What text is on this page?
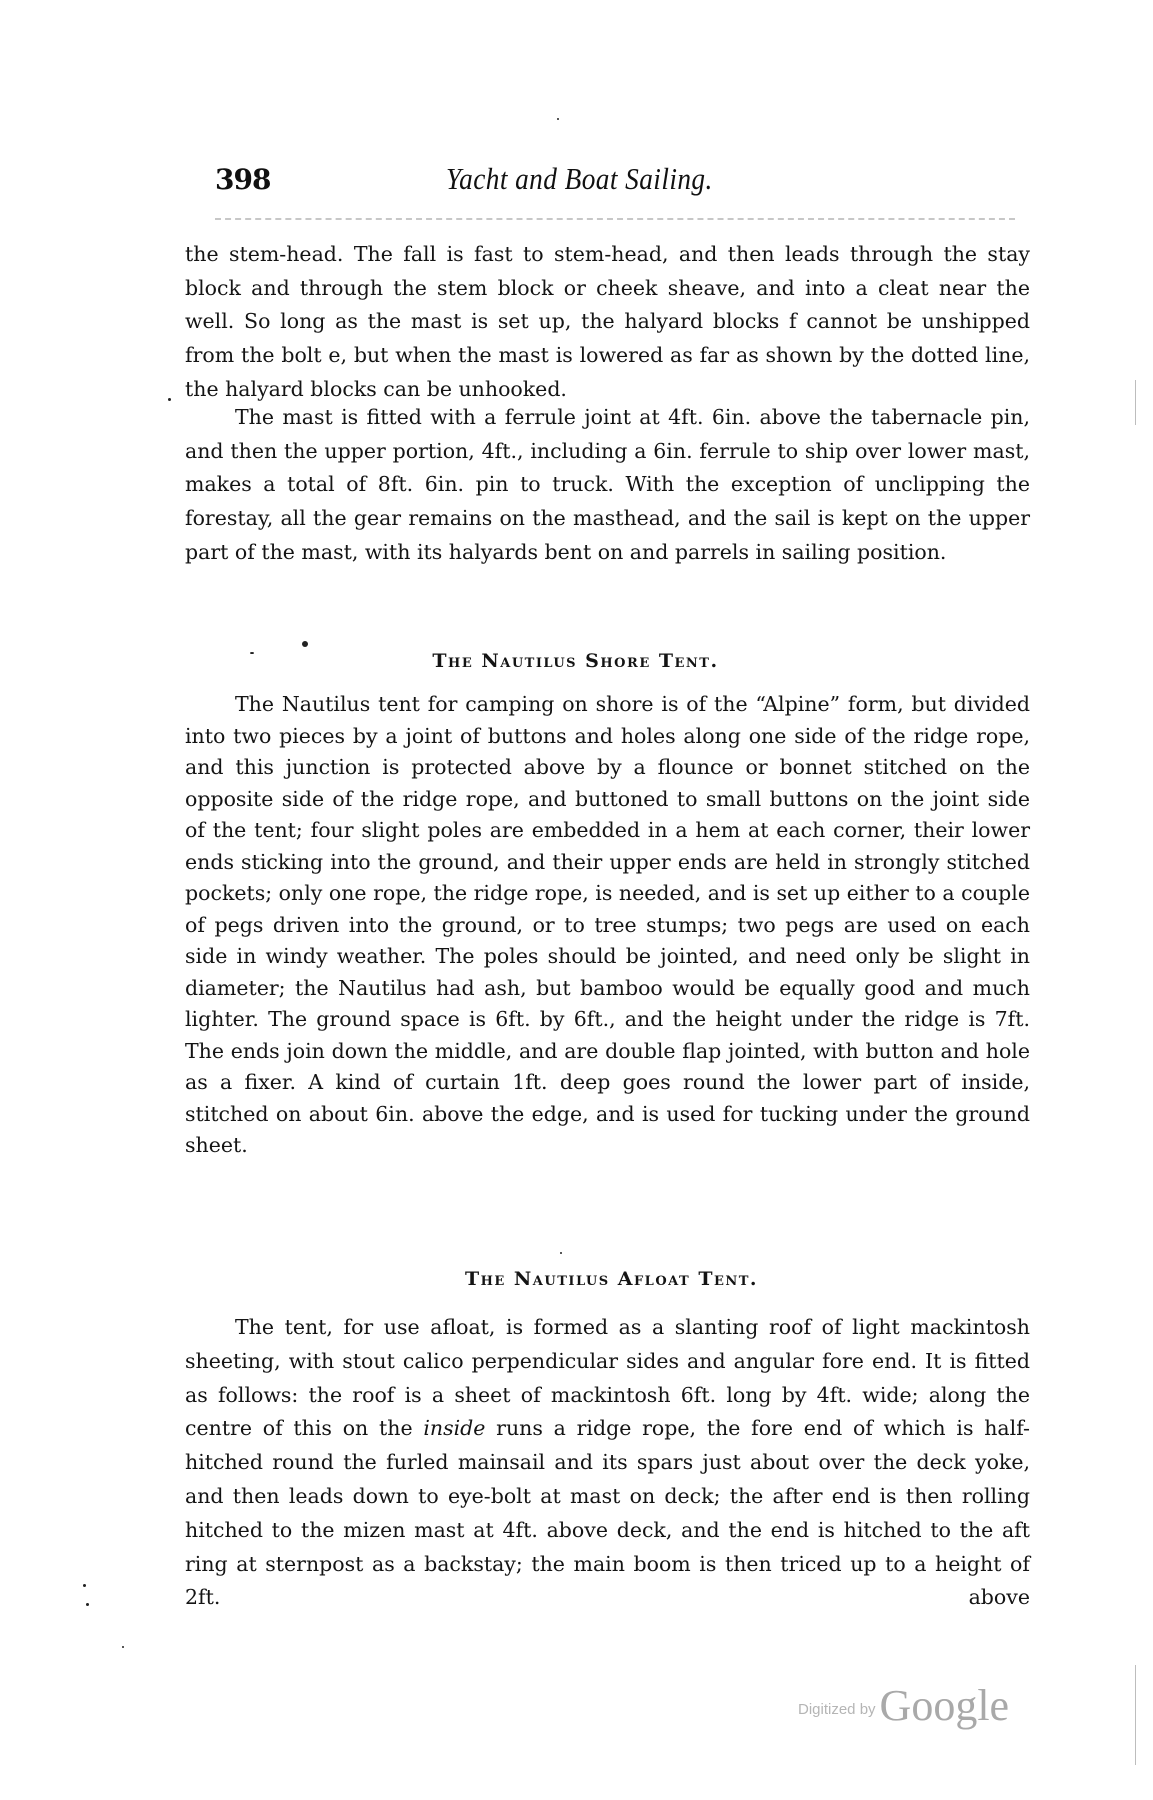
398	Yacht and Boat Sailing.

the stem-head. The fall is fast to stem-head, and then leads through the stay block and through the stem block or cheek sheave, and into a cleat near the well. So long as the mast is set up, the halyard blocks f cannot be unshipped from the bolt e, but when the mast is lowered as far as shown by the dotted line, the halyard blocks can be unhooked.

The mast is fitted with a ferrule joint at 4ft. 6in. above the tabernacle pin, and then the upper portion, 4ft., including a 6in. ferrule to ship over lower mast, makes a total of 8ft. 6in. pin to truck. With the exception of unclipping the forestay, all the gear remains on the masthead, and the sail is kept on the upper part of the mast, with its halyards bent on and parrels in sailing position.

The Nautilus Shore Tent.

The Nautilus tent for camping on shore is of the “Alpine” form, but divided into two pieces by a joint of buttons and holes along one side of the ridge rope, and this junction is protected above by a flounce or bonnet stitched on the opposite side of the ridge rope, and buttoned to small buttons on the joint side of the tent; four slight poles are embedded in a hem at each corner, their lower ends sticking into the ground, and their upper ends are held in strongly stitched pockets; only one rope, the ridge rope, is needed, and is set up either to a couple of pegs driven into the ground, or to tree stumps; two pegs are used on each side in windy weather. The poles should be jointed, and need only be slight in diameter; the Nautilus had ash, but bamboo would be equally good and much lighter. The ground space is 6ft. by 6ft., and the height under the ridge is 7ft. The ends join down the middle, and are double flap jointed, with button and hole as a fixer. A kind of curtain 1ft. deep goes round the lower part of inside, stitched on about 6in. above the edge, and is used for tucking under the ground sheet.

The Nautilus Afloat Tent.

The tent, for use afloat, is formed as a slanting roof of light mackintosh sheeting, with stout calico perpendicular sides and angular fore end. It is fitted as follows: the roof is a sheet of mackintosh 6ft. long by 4ft. wide; along the centre of this on the inside runs a ridge rope, the fore end of which is half-hitched round the furled mainsail and its spars just about over the deck yoke, and then leads down to eye-bolt at mast on deck; the after end is then rolling hitched to the mizen mast at 4ft. above deck, and the end is hitched to the aft ring at sternpost as a backstay; the main boom is then triced up to a height of 2ft. above

Digitized byGoogle
